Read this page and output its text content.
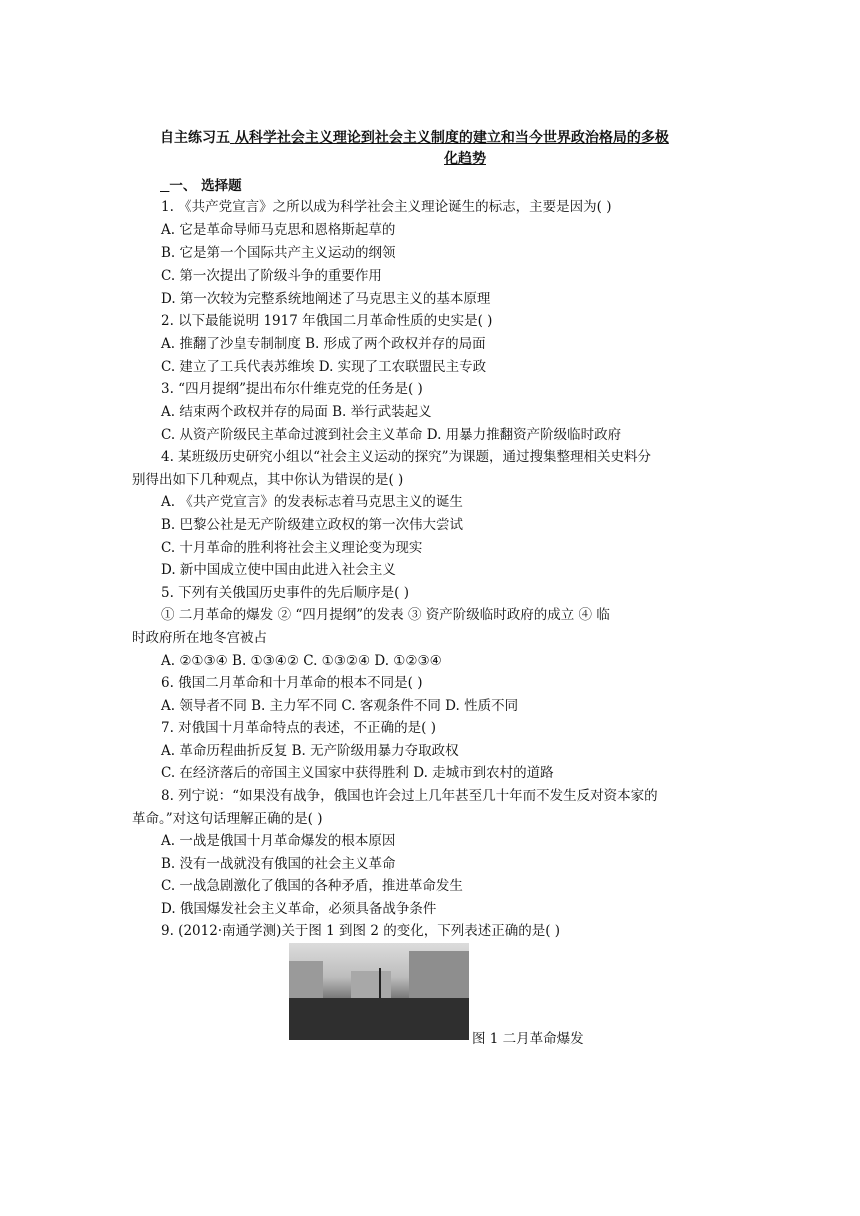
自主练习五 从科学社会主义理论到社会主义制度的建立和当今世界政治格局的多极
化趋势
一、 选择题
1. 《共产党宣言》之所以成为科学社会主义理论诞生的标志，主要是因为( )
A. 它是革命导师马克思和恩格斯起草的
B. 它是第一个国际共产主义运动的纲领
C. 第一次提出了阶级斗争的重要作用
D. 第一次较为完整系统地阐述了马克思主义的基本原理
2. 以下最能说明 1917 年俄国二月革命性质的史实是( )
A. 推翻了沙皇专制制度 B. 形成了两个政权并存的局面
C. 建立了工兵代表苏维埃 D. 实现了工农联盟民主专政
3. “四月提纲”提出布尔什维克党的任务是( )
A. 结束两个政权并存的局面 B. 举行武装起义
C. 从资产阶级民主革命过渡到社会主义革命 D. 用暴力推翻资产阶级临时政府
4. 某班级历史研究小组以“社会主义运动的探究”为课题，通过搜集整理相关史料分
别得出如下几种观点，其中你认为错误的是( )
A. 《共产党宣言》的发表标志着马克思主义的诞生
B. 巴黎公社是无产阶级建立政权的第一次伟大尝试
C. 十月革命的胜利将社会主义理论变为现实
D. 新中国成立使中国由此进入社会主义
5. 下列有关俄国历史事件的先后顺序是( )
① 二月革命的爆发 ② “四月提纲”的发表 ③ 资产阶级临时政府的成立 ④ 临
时政府所在地冬宫被占
A. ②①③④ B. ①③④② C. ①③②④ D. ①②③④
6. 俄国二月革命和十月革命的根本不同是( )
A. 领导者不同 B. 主力军不同 C. 客观条件不同 D. 性质不同
7. 对俄国十月革命特点的表述，不正确的是( )
A. 革命历程曲折反复 B. 无产阶级用暴力夺取政权
C. 在经济落后的帝国主义国家中获得胜利 D. 走城市到农村的道路
8. 列宁说：“如果没有战争，俄国也许会过上几年甚至几十年而不发生反对资本家的
革命。”对这句话理解正确的是( )
A. 一战是俄国十月革命爆发的根本原因
B. 没有一战就没有俄国的社会主义革命
C. 一战急剧激化了俄国的各种矛盾，推进革命发生
D. 俄国爆发社会主义革命，必须具备战争条件
9. (2012·南通学测)关于图 1 到图 2 的变化，下列表述正确的是( )
图 1 二月革命爆发
